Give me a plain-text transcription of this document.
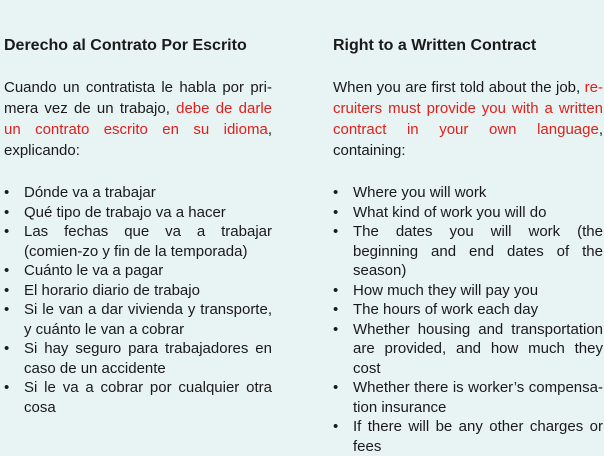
Derecho al Contrato Por Escrito

Cuando un contratista le habla por pri-mera vez de un trabajo, debe de darle un contrato escrito en su idioma, explicando:

• Dónde va a trabajar
• Qué tipo de trabajo va a hacer
• Las fechas que va a trabajar (comien-zo y fin de la temporada)
• Cuánto le va a pagar
• El horario diario de trabajo
• Si le van a dar vivienda y transporte, y cuánto le van a cobrar
• Si hay seguro para trabajadores en caso de un accidente
• Si le va a cobrar por cualquier otra cosa
Right to a Written Contract

When you are first told about the job, re-cruiters must provide you with a written contract in your own language, containing:

• Where you will work
• What kind of work you will do
• The dates you will work (the beginning and end dates of the season)
• How much they will pay you
• The hours of work each day
• Whether housing and transportation are provided, and how much they cost
• Whether there is worker’s compensa-tion insurance
• If there will be any other charges or fees
